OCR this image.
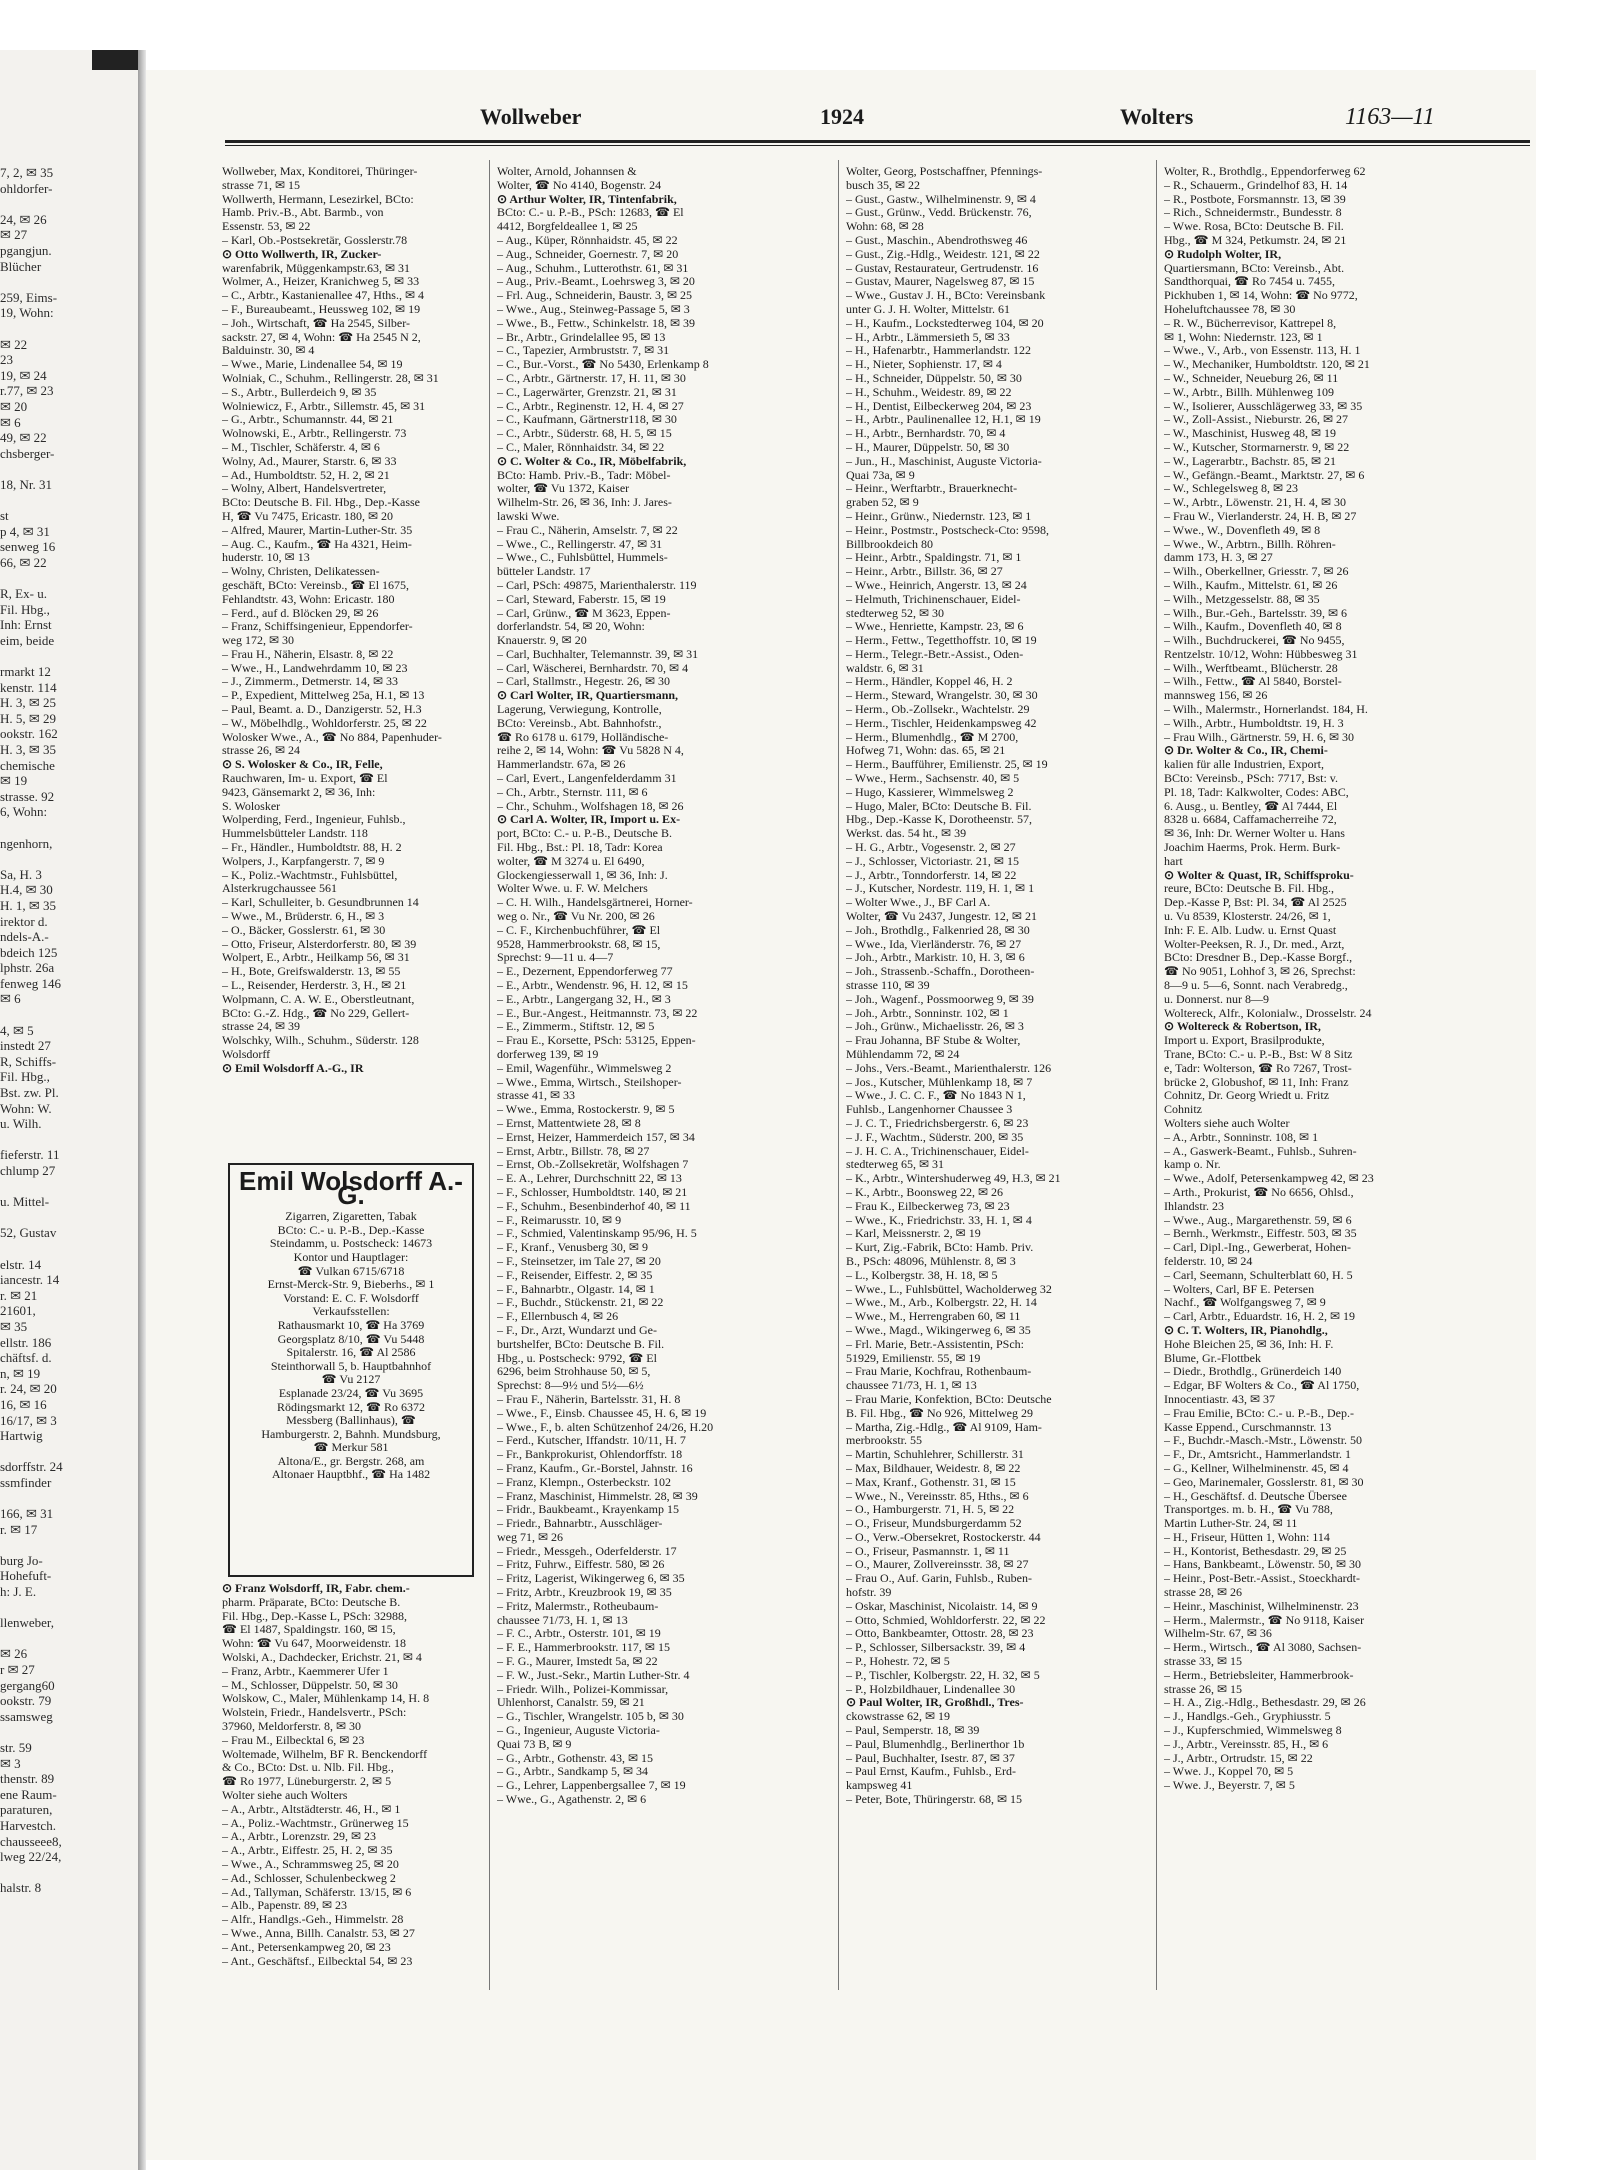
7, 2, ✉ 35
ohldorfer-

24, ✉ 26
✉ 27
pgangjun.
Blücher

259, Eims-
19, Wohn:

✉ 22
23
19, ✉ 24
r.77, ✉ 23
✉ 20
✉ 6
49, ✉ 22
chsberger-

18, Nr. 31

st
p 4, ✉ 31
senweg 16
66, ✉ 22

R, Ex- u.
Fil. Hbg.,
Inh: Ernst
eim, beide

rmarkt 12
kenstr. 114
H. 3, ✉ 25
H. 5, ✉ 29
ookstr. 162
H. 3, ✉ 35
chemische
✉ 19
strasse. 92
6, Wohn:

ngenhorn,

Sa, H. 3
H.4, ✉ 30
H. 1, ✉ 35
irektor d.
ndels-A.-
bdeich 125
lphstr. 26a
fenweg 146
✉ 6

4, ✉ 5
instedt 27
R, Schiffs-
Fil. Hbg.,
Bst. zw. Pl.
Wohn: W.
u. Wilh.

fieferstr. 11
chlump 27

u. Mittel-

52, Gustav

elstr. 14
iancestr. 14
r. ✉ 21
21601,
✉ 35
ellstr. 186
chäftsf. d.
n, ✉ 19
r. 24, ✉ 20
16, ✉ 16
16/17, ✉ 3
Hartwig

sdorffstr. 24
ssmfinder

166, ✉ 31
r. ✉ 17

burg Jo-
Hohefuft-
h: J. E.

llenweber,

✉ 26
r ✉ 27
gergang60
ookstr. 79
ssamsweg

str. 59
✉ 3
thenstr. 89
ene Raum-
paraturen,
Harvestch.
chausseee8,
lweg 22/24,

halstr. 8
Wollweber	1924	Wolters	1163—11
Wollweber, Max, Konditorei, Thüringer-
strasse 71, ✉ 15
Wollwerth, Hermann, Lesezirkel, BCto:
Hamb. Priv.-B., Abt. Barmb., von
Essenstr. 53, ✉ 22
– Karl, Ob.-Postsekretär, Gosslerstr.78
⊙ Otto Wollwerth, IR, Zucker-
warenfabrik, Müggenkampstr.63, ✉ 31
Wolmer, A., Heizer, Kranichweg 5, ✉ 33
– C., Arbtr., Kastanienallee 47, Hths., ✉ 4
– F., Bureaubeamt., Heussweg 102, ✉ 19
– Joh., Wirtschaft, ☎ Ha 2545, Silber-
sackstr. 27, ✉ 4, Wohn: ☎ Ha 2545 N 2,
Balduinstr. 30, ✉ 4
– Wwe., Marie, Lindenallee 54, ✉ 19
Wolniak, C., Schuhm., Rellingerstr. 28, ✉ 31
– S., Arbtr., Bullerdeich 9, ✉ 35
Wolniewicz, F., Arbtr., Sillemstr. 45, ✉ 31
– G., Arbtr., Schumannstr. 44, ✉ 21
Wolnowski, E., Arbtr., Rellingerstr. 73
– M., Tischler, Schäferstr. 4, ✉ 6
Wolny, Ad., Maurer, Starstr. 6, ✉ 33
– Ad., Humboldtstr. 52, H. 2, ✉ 21
– Wolny, Albert, Handelsvertreter,
BCto: Deutsche B. Fil. Hbg., Dep.-Kasse
H, ☎ Vu 7475, Ericastr. 180, ✉ 20
– Alfred, Maurer, Martin-Luther-Str. 35
– Aug. C., Kaufm., ☎ Ha 4321, Heim-
huderstr. 10, ✉ 13
– Wolny, Christen, Delikatessen-
geschäft, BCto: Vereinsb., ☎ El 1675,
Fehlandtstr. 43, Wohn: Ericastr. 180
– Ferd., auf d. Blöcken 29, ✉ 26
– Franz, Schiffsingenieur, Eppendorfer-
weg 172, ✉ 30
– Frau H., Näherin, Elsastr. 8, ✉ 22
– Wwe., H., Landwehrdamm 10, ✉ 23
– J., Zimmerm., Detmerstr. 14, ✉ 33
– P., Expedient, Mittelweg 25a, H.1, ✉ 13
– Paul, Beamt. a. D., Danzigerstr. 52, H.3
– W., Möbelhdlg., Wohldorferstr. 25, ✉ 22
Wolosker Wwe., A., ☎ No 884, Papenhuder-
strasse 26, ✉ 24
⊙ S. Wolosker & Co., IR, Felle,
Rauchwaren, Im- u. Export, ☎ El
9423, Gänsemarkt 2, ✉ 36, Inh:
S. Wolosker
Wolperding, Ferd., Ingenieur, Fuhlsb.,
Hummelsbütteler Landstr. 118
– Fr., Händler., Humboldtstr. 88, H. 2
Wolpers, J., Karpfangerstr. 7, ✉ 9
– K., Poliz.-Wachtmstr., Fuhlsbüttel,
Alsterkrugchaussee 561
– Karl, Schulleiter, b. Gesundbrunnen 14
– Wwe., M., Brüderstr. 6, H., ✉ 3
– O., Bäcker, Gosslerstr. 61, ✉ 30
– Otto, Friseur, Alsterdorferstr. 80, ✉ 39
Wolpert, E., Arbtr., Heilkamp 56, ✉ 31
– H., Bote, Greifswalderstr. 13, ✉ 55
– L., Reisender, Herderstr. 3, H., ✉ 21
Wolpmann, C. A. W. E., Oberstleutnant,
BCto: G.-Z. Hdg., ☎ No 229, Gellert-
strasse 24, ✉ 39
Wolschky, Wilh., Schuhm., Süderstr. 128
Wolsdorff
⊙ Emil Wolsdorff A.-G., IR
Wolter, Arnold, Johannsen &
Wolter, ☎ No 4140, Bogenstr. 24
⊙ Arthur Wolter, IR, Tintenfabrik,
BCto: C.- u. P.-B., PSch: 12683, ☎ El
4412, Borgfeldeallee 1, ✉ 25
– Aug., Küper, Rönnhaidstr. 45, ✉ 22
– Aug., Schneider, Goernestr. 7, ✉ 20
– Aug., Schuhm., Lutterothstr. 61, ✉ 31
– Aug., Priv.-Beamt., Loehrsweg 3, ✉ 20
– Frl. Aug., Schneiderin, Baustr. 3, ✉ 25
– Wwe., Aug., Steinweg-Passage 5, ✉ 3
– Wwe., B., Fettw., Schinkelstr. 18, ✉ 39
– Br., Arbtr., Grindelallee 95, ✉ 13
– C., Tapezier, Armbruststr. 7, ✉ 31
– C., Bur.-Vorst., ☎ No 5430, Erlenkamp 8
– C., Arbtr., Gärtnerstr. 17, H. 11, ✉ 30
– C., Lagerwärter, Grenzstr. 21, ✉ 31
– C., Arbtr., Reginenstr. 12, H. 4, ✉ 27
– C., Kaufmann, Gärtnerstr118, ✉ 30
– C., Arbtr., Süderstr. 68, H. 5, ✉ 15
– C., Maler, Rönnhaidstr. 34, ✉ 22
⊙ C. Wolter & Co., IR, Möbelfabrik,
BCto: Hamb. Priv.-B., Tadr: Möbel-
wolter, ☎ Vu 1372, Kaiser
Wilhelm-Str. 26, ✉ 36, Inh: J. Jares-
lawski Wwe.
– Frau C., Näherin, Amselstr. 7, ✉ 22
– Wwe., C., Rellingerstr. 47, ✉ 31
– Wwe., C., Fuhlsbüttel, Hummels-
bütteler Landstr. 17
– Carl, PSch: 49875, Marienthalerstr. 119
– Carl, Steward, Faberstr. 15, ✉ 19
– Carl, Grünw., ☎ M 3623, Eppen-
dorferlandstr. 54, ✉ 20, Wohn:
Knauerstr. 9, ✉ 20
– Carl, Buchhalter, Telemannstr. 39, ✉ 31
– Carl, Wäscherei, Bernhardstr. 70, ✉ 4
– Carl, Stallmstr., Hegestr. 26, ✉ 30
⊙ Carl Wolter, IR, Quartiersmann,
Lagerung, Verwiegung, Kontrolle,
BCto: Vereinsb., Abt. Bahnhofstr.,
☎ Ro 6178 u. 6179, Holländische-
reihe 2, ✉ 14, Wohn: ☎ Vu 5828 N 4,
Hammerlandstr. 67a, ✉ 26
– Carl, Evert., Langenfelderdamm 31
– Ch., Arbtr., Sternstr. 111, ✉ 6
– Chr., Schuhm., Wolfshagen 18, ✉ 26
⊙ Carl A. Wolter, IR, Import u. Ex-
port, BCto: C.- u. P.-B., Deutsche B.
Fil. Hbg., Bst.: Pl. 18, Tadr: Korea
wolter, ☎ M 3274 u. El 6490,
Glockengiesserwall 1, ✉ 36, Inh: J.
Wolter Wwe. u. F. W. Melchers
– C. H. Wilh., Handelsgärtnerei, Horner-
weg o. Nr., ☎ Vu Nr. 200, ✉ 26
– C. F., Kirchenbuchführer, ☎ El
9528, Hammerbrookstr. 68, ✉ 15,
Sprechst: 9—11 u. 4—7
– E., Dezernent, Eppendorferweg 77
– E., Arbtr., Wendenstr. 96, H. 12, ✉ 15
– E., Arbtr., Langergang 32, H., ✉ 3
– E., Bur.-Angest., Heitmannstr. 73, ✉ 22
– E., Zimmerm., Stiftstr. 12, ✉ 5
– Frau E., Korsette, PSch: 53125, Eppen-
dorferweg 139, ✉ 19
– Emil, Wagenführ., Wimmelsweg 2
– Wwe., Emma, Wirtsch., Steilshoper-
strasse 41, ✉ 33
– Wwe., Emma, Rostockerstr. 9, ✉ 5
– Ernst, Mattentwiete 28, ✉ 8
– Ernst, Heizer, Hammerdeich 157, ✉ 34
– Ernst, Arbtr., Billstr. 78, ✉ 27
– Ernst, Ob.-Zollsekretär, Wolfshagen 7
– E. A., Lehrer, Durchschnitt 22, ✉ 13
– F., Schlosser, Humboldtstr. 140, ✉ 21
– F., Schuhm., Besenbinderhof 40, ✉ 11
– F., Reimarusstr. 10, ✉ 9
– F., Schmied, Valentinskamp 95/96, H. 5
– F., Kranf., Venusberg 30, ✉ 9
– F., Steinsetzer, im Tale 27, ✉ 20
– F., Reisender, Eiffestr. 2, ✉ 35
– F., Bahnarbtr., Olgastr. 14, ✉ 1
– F., Buchdr., Stückenstr. 21, ✉ 22
– F., Ellernbusch 4, ✉ 26
– F., Dr., Arzt, Wundarzt und Ge-
burtshelfer, BCto: Deutsche B. Fil.
Hbg., u. Postscheck: 9792, ☎ El
6296, beim Strohhause 50, ✉ 5,
Sprechst: 8—9½ und 5½—6½
– Frau F., Näherin, Bartelsstr. 31, H. 8
– Wwe., F., Einsb. Chaussee 45, H. 6, ✉ 19
– Wwe., F., b. alten Schützenhof 24/26, H.20
– Ferd., Kutscher, Iffandstr. 10/11, H. 7
– Fr., Bankprokurist, Ohlendorffstr. 18
– Franz, Kaufm., Gr.-Borstel, Jahnstr. 16
– Franz, Klempn., Osterbeckstr. 102
– Franz, Maschinist, Himmelstr. 28, ✉ 39
– Fridr., Baukbeamt., Krayenkamp 15
– Friedr., Bahnarbtr., Ausschläger-
weg 71, ✉ 26
– Friedr., Messgeh., Oderfelderstr. 17
– Fritz, Fuhrw., Eiffestr. 580, ✉ 26
– Fritz, Lagerist, Wikingerweg 6, ✉ 35
– Fritz, Arbtr., Kreuzbrook 19, ✉ 35
– Fritz, Malermstr., Rotheubaum-
chaussee 71/73, H. 1, ✉ 13
– F. C., Arbtr., Osterstr. 101, ✉ 19
– F. E., Hammerbrookstr. 117, ✉ 15
– F. G., Maurer, Imstedt 5a, ✉ 22
– F. W., Just.-Sekr., Martin Luther-Str. 4
– Friedr. Wilh., Polizei-Kommissar,
Uhlenhorst, Canalstr. 59, ✉ 21
– G., Tischler, Wrangelstr. 105 b, ✉ 30
– G., Ingenieur, Auguste Victoria-
Quai 73 B, ✉ 9
– G., Arbtr., Gothenstr. 43, ✉ 15
– G., Arbtr., Sandkamp 5, ✉ 34
– G., Lehrer, Lappenbergsallee 7, ✉ 19
– Wwe., G., Agathenstr. 2, ✉ 6
Wolter, Georg, Postschaffner, Pfennings-
busch 35, ✉ 22
– Gust., Gastw., Wilhelminenstr. 9, ✉ 4
– Gust., Grünw., Vedd. Brückenstr. 76,
Wohn: 68, ✉ 28
– Gust., Maschin., Abendrothsweg 46
– Gust., Zig.-Hdlg., Weidestr. 121, ✉ 22
– Gustav, Restaurateur, Gertrudenstr. 16
– Gustav, Maurer, Nagelsweg 87, ✉ 15
– Wwe., Gustav J. H., BCto: Vereinsbank
unter G. J. H. Wolter, Mittelstr. 61
– H., Kaufm., Lockstedterweg 104, ✉ 20
– H., Arbtr., Lämmersieth 5, ✉ 33
– H., Hafenarbtr., Hammerlandstr. 122
– H., Nieter, Sophienstr. 17, ✉ 4
– H., Schneider, Düppelstr. 50, ✉ 30
– H., Schuhm., Weidestr. 89, ✉ 22
– H., Dentist, Eilbeckerweg 204, ✉ 23
– H., Arbtr., Paulinenallee 12, H.1, ✉ 19
– H., Arbtr., Bernhardstr. 70, ✉ 4
– H., Maurer, Düppelstr. 50, ✉ 30
– Jun., H., Maschinist, Auguste Victoria-
Quai 73a, ✉ 9
– Heinr., Werftarbtr., Brauerknecht-
graben 52, ✉ 9
– Heinr., Grünw., Niedernstr. 123, ✉ 1
– Heinr., Postmstr., Postscheck-Cto: 9598,
Billbrookdeich 80
– Heinr., Arbtr., Spaldingstr. 71, ✉ 1
– Heinr., Arbtr., Billstr. 36, ✉ 27
– Wwe., Heinrich, Angerstr. 13, ✉ 24
– Helmuth, Trichinenschauer, Eidel-
stedterweg 52, ✉ 30
– Wwe., Henriette, Kampstr. 23, ✉ 6
– Herm., Fettw., Tegetthoffstr. 10, ✉ 19
– Herm., Telegr.-Betr.-Assist., Oden-
waldstr. 6, ✉ 31
– Herm., Händler, Koppel 46, H. 2
– Herm., Steward, Wrangelstr. 30, ✉ 30
– Herm., Ob.-Zollsekr., Wachtelstr. 29
– Herm., Tischler, Heidenkampsweg 42
– Herm., Blumenhdlg., ☎ M 2700,
Hofweg 71, Wohn: das. 65, ✉ 21
– Herm., Baufführer, Emilienstr. 25, ✉ 19
– Wwe., Herm., Sachsenstr. 40, ✉ 5
– Hugo, Kassierer, Wimmelsweg 2
– Hugo, Maler, BCto: Deutsche B. Fil.
Hbg., Dep.-Kasse K, Dorotheenstr. 57,
Werkst. das. 54 ht., ✉ 39
– H. G., Arbtr., Vogesenstr. 2, ✉ 27
– J., Schlosser, Victoriastr. 21, ✉ 15
– J., Arbtr., Tonndorferstr. 14, ✉ 22
– J., Kutscher, Nordestr. 119, H. 1, ✉ 1
– Wolter Wwe., J., BF Carl A.
Wolter, ☎ Vu 2437, Jungestr. 12, ✉ 21
– Joh., Brothdlg., Falkenried 28, ✉ 30
– Wwe., Ida, Vierländerstr. 76, ✉ 27
– Joh., Arbtr., Markistr. 10, H. 3, ✉ 6
– Joh., Strassenb.-Schaffn., Dorotheen-
strasse 110, ✉ 39
– Joh., Wagenf., Possmoorweg 9, ✉ 39
– Joh., Arbtr., Sonninstr. 102, ✉ 1
– Joh., Grünw., Michaelisstr. 26, ✉ 3
– Frau Johanna, BF Stube & Wolter,
Mühlendamm 72, ✉ 24
– Johs., Vers.-Beamt., Marienthalerstr. 126
– Jos., Kutscher, Mühlenkamp 18, ✉ 7
– Wwe., J. C. C. F., ☎ No 1843 N 1,
Fuhlsb., Langenhorner Chaussee 3
– J. C. T., Friedrichsbergerstr. 6, ✉ 23
– J. F., Wachtm., Süderstr. 200, ✉ 35
– J. H. C. A., Trichinenschauer, Eidel-
stedterweg 65, ✉ 31
– K., Arbtr., Wintershuderweg 49, H.3, ✉ 21
– K., Arbtr., Boonsweg 22, ✉ 26
– Frau K., Eilbeckerweg 73, ✉ 23
– Wwe., K., Friedrichstr. 33, H. 1, ✉ 4
– Karl, Meissnerstr. 2, ✉ 19
– Kurt, Zig.-Fabrik, BCto: Hamb. Priv.
B., PSch: 48096, Mühlenstr. 8, ✉ 3
– L., Kolbergstr. 38, H. 18, ✉ 5
– Wwe., L., Fuhlsbüttel, Wacholderweg 32
– Wwe., M., Arb., Kolbergstr. 22, H. 14
– Wwe., M., Herrengraben 60, ✉ 11
– Wwe., Magd., Wikingerweg 6, ✉ 35
– Frl. Marie, Betr.-Assistentin, PSch:
51929, Emilienstr. 55, ✉ 19
– Frau Marie, Kochfrau, Rothenbaum-
chaussee 71/73, H. 1, ✉ 13
– Frau Marie, Konfektion, BCto: Deutsche
B. Fil. Hbg., ☎ No 926, Mittelweg 29
– Martha, Zig.-Hdlg., ☎ Al 9109, Ham-
merbrookstr. 55
– Martin, Schuhlehrer, Schillerstr. 31
– Max, Bildhauer, Weidestr. 8, ✉ 22
– Max, Kranf., Gothenstr. 31, ✉ 15
– Wwe., N., Vereinsstr. 85, Hths., ✉ 6
– O., Hamburgerstr. 71, H. 5, ✉ 22
– O., Friseur, Mundsburgerdamm 52
– O., Verw.-Obersekret, Rostockerstr. 44
– O., Friseur, Pasmannstr. 1, ✉ 11
– O., Maurer, Zollvereinsstr. 38, ✉ 27
– Frau O., Auf. Garin, Fuhlsb., Ruben-
hofstr. 39
– Oskar, Maschinist, Nicolaistr. 14, ✉ 9
– Otto, Schmied, Wohldorferstr. 22, ✉ 22
– Otto, Bankbeamter, Ottostr. 28, ✉ 23
– P., Schlosser, Silbersackstr. 39, ✉ 4
– P., Hohestr. 72, ✉ 5
– P., Tischler, Kolbergstr. 22, H. 32, ✉ 5
– P., Holzbildhauer, Lindenallee 30
⊙ Paul Wolter, IR, Großhdl., Tres-
ckowstrasse 62, ✉ 19
– Paul, Semperstr. 18, ✉ 39
– Paul, Blumenhdlg., Berlinerthor 1b
– Paul, Buchhalter, Isestr. 87, ✉ 37
– Paul Ernst, Kaufm., Fuhlsb., Erd-
kampsweg 41
– Peter, Bote, Thüringerstr. 68, ✉ 15
Wolter, R., Brothdlg., Eppendorferweg 62
– R., Schauerm., Grindelhof 83, H. 14
– R., Postbote, Forsmannstr. 13, ✉ 39
– Rich., Schneidermstr., Bundesstr. 8
– Wwe. Rosa, BCto: Deutsche B. Fil.
Hbg., ☎ M 324, Petkumstr. 24, ✉ 21
⊙ Rudolph Wolter, IR,
Quartiersmann, BCto: Vereinsb., Abt.
Sandthorquai, ☎ Ro 7454 u. 7455,
Pickhuben 1, ✉ 14, Wohn: ☎ No 9772,
Hoheluftchaussee 78, ✉ 30
– R. W., Bücherrevisor, Kattrepel 8,
✉ 1, Wohn: Niedernstr. 123, ✉ 1
– Wwe., V., Arb., von Essenstr. 113, H. 1
– W., Mechaniker, Humboldtstr. 120, ✉ 21
– W., Schneider, Neueburg 26, ✉ 11
– W., Arbtr., Billh. Mühlenweg 109
– W., Isolierer, Ausschlägerweg 33, ✉ 35
– W., Zoll-Assist., Nieburstr. 26, ✉ 27
– W., Maschinist, Husweg 48, ✉ 19
– W., Kutscher, Stormarnerstr. 9, ✉ 22
– W., Lagerarbtr., Bachstr. 85, ✉ 21
– W., Gefängn.-Beamt., Marktstr. 27, ✉ 6
– W., Schlegelsweg 8, ✉ 23
– W., Arbtr., Löwenstr. 21, H. 4, ✉ 30
– Frau W., Vierlanderstr. 24, H. B, ✉ 27
– Wwe., W., Dovenfleth 49, ✉ 8
– Wwe., W., Arbtrn., Billh. Röhren-
damm 173, H. 3, ✉ 27
– Wilh., Oberkellner, Griesstr. 7, ✉ 26
– Wilh., Kaufm., Mittelstr. 61, ✉ 26
– Wilh., Metzgesselstr. 88, ✉ 35
– Wilh., Bur.-Geh., Bartelsstr. 39, ✉ 6
– Wilh., Kaufm., Dovenfleth 40, ✉ 8
– Wilh., Buchdruckerei, ☎ No 9455,
Rentzelstr. 10/12, Wohn: Hübbesweg 31
– Wilh., Werftbeamt., Blücherstr. 28
– Wilh., Fettw., ☎ Al 5840, Borstel-
mannsweg 156, ✉ 26
– Wilh., Malermstr., Hornerlandst. 184, H.
– Wilh., Arbtr., Humboldtstr. 19, H. 3
– Frau Wilh., Gärtnerstr. 59, H. 6, ✉ 30
⊙ Dr. Wolter & Co., IR, Chemi-
kalien für alle Industrien, Export,
BCto: Vereinsb., PSch: 7717, Bst: v.
Pl. 18, Tadr: Kalkwolter, Codes: ABC,
6. Ausg., u. Bentley, ☎ Al 7444, El
8328 u. 6684, Caffamacherreihe 72,
✉ 36, Inh: Dr. Werner Wolter u. Hans
Joachim Haerms, Prok. Herm. Burk-
hart
⊙ Wolter & Quast, IR, Schiffsproku-
reure, BCto: Deutsche B. Fil. Hbg.,
Dep.-Kasse P, Bst: Pl. 34, ☎ Al 2525
u. Vu 8539, Klosterstr. 24/26, ✉ 1,
Inh: F. E. Alb. Ludw. u. Ernst Quast
Wolter-Peeksen, R. J., Dr. med., Arzt,
BCto: Dresdner B., Dep.-Kasse Borgf.,
☎ No 9051, Lohhof 3, ✉ 26, Sprechst:
8—9 u. 5—6, Sonnt. nach Verabredg.,
u. Donnerst. nur 8—9
Woltereck, Alfr., Kolonialw., Drosselstr. 24
⊙ Woltereck & Robertson, IR,
Import u. Export, Brasilprodukte,
Trane, BCto: C.- u. P.-B., Bst: W 8 Sitz
e, Tadr: Wolterson, ☎ Ro 7267, Trost-
brücke 2, Globushof, ✉ 11, Inh: Franz
Cohnitz, Dr. Georg Wriedt u. Fritz
Cohnitz
Wolters siehe auch Wolter
– A., Arbtr., Sonninstr. 108, ✉ 1
– A., Gaswerk-Beamt., Fuhlsb., Suhren-
kamp o. Nr.
– Wwe., Adolf, Petersenkampweg 42, ✉ 23
– Arth., Prokurist, ☎ No 6656, Ohlsd.,
Ihlandstr. 23
– Wwe., Aug., Margarethenstr. 59, ✉ 6
– Bernh., Werkmstr., Eiffestr. 503, ✉ 35
– Carl, Dipl.-Ing., Gewerberat, Hohen-
felderstr. 10, ✉ 24
– Carl, Seemann, Schulterblatt 60, H. 5
– Wolters, Carl, BF E. Petersen
Nachf., ☎ Wolfgangsweg 7, ✉ 9
– Carl, Arbtr., Eduardstr. 16, H. 2, ✉ 19
⊙ C. T. Wolters, IR, Pianohdlg.,
Hohe Bleichen 25, ✉ 36, Inh: H. F.
Blume, Gr.-Flottbek
– Diedr., Brothdlg., Grünerdeich 140
– Edgar, BF Wolters & Co., ☎ Al 1750,
Innocentiastr. 43, ✉ 37
– Frau Emilie, BCto: C.- u. P.-B., Dep.-
Kasse Eppend., Curschmannstr. 13
– F., Buchdr.-Masch.-Mstr., Löwenstr. 50
– F., Dr., Amtsricht., Hammerlandstr. 1
– G., Kellner, Wilhelminenstr. 45, ✉ 4
– Geo, Marinemaler, Gosslerstr. 81, ✉ 30
– H., Geschäftsf. d. Deutsche Übersee
Transportges. m. b. H., ☎ Vu 788,
Martin Luther-Str. 24, ✉ 11
– H., Friseur, Hütten 1, Wohn: 114
– H., Kontorist, Bethesdastr. 29, ✉ 25
– Hans, Bankbeamt., Löwenstr. 50, ✉ 30
– Heinr., Post-Betr.-Assist., Stoeckhardt-
strasse 28, ✉ 26
– Heinr., Maschinist, Wilhelminenstr. 23
– Herm., Malermstr., ☎ No 9118, Kaiser
Wilhelm-Str. 67, ✉ 36
– Herm., Wirtsch., ☎ Al 3080, Sachsen-
strasse 33, ✉ 15
– Herm., Betriebsleiter, Hammerbrook-
strasse 26, ✉ 15
– H. A., Zig.-Hdlg., Bethesdastr. 29, ✉ 26
– J., Handlgs.-Geh., Gryphiusstr. 5
– J., Kupferschmied, Wimmelsweg 8
– J., Arbtr., Vereinsstr. 85, H., ✉ 6
– J., Arbtr., Ortrudstr. 15, ✉ 22
– Wwe. J., Koppel 70, ✉ 5
– Wwe. J., Beyerstr. 7, ✉ 5
Emil Wolsdorff A.-G.
Zigarren, Zigaretten, Tabak
BCto: C.- u. P.-B., Dep.-Kasse
Steindamm, u. Postscheck: 14673
Kontor und Hauptlager:
☎ Vulkan 6715/6718
Ernst-Merck-Str. 9, Bieberhs., ✉ 1
Vorstand: E. C. F. Wolsdorff
Verkaufsstellen:
Rathausmarkt 10, ☎ Ha 3769
Georgsplatz 8/10, ☎ Vu 5448
Spitalerstr. 16, ☎ Al 2586
Steinthorwall 5, b. Hauptbahnhof
☎ Vu 2127
Esplanade 23/24, ☎ Vu 3695
Rödingsmarkt 12, ☎ Ro 6372
Messberg (Ballinhaus), ☎
Hamburgerstr. 2, Bahnh. Mundsburg,
☎ Merkur 581
Altona/E., gr. Bergstr. 268, am
Altonaer Hauptbhf., ☎ Ha 1482
⊙ Franz Wolsdorff, IR, Fabr. chem.-
pharm. Präparate, BCto: Deutsche B.
Fil. Hbg., Dep.-Kasse L, PSch: 32988,
☎ El 1487, Spaldingstr. 160, ✉ 15,
Wohn: ☎ Vu 647, Moorweidenstr. 18
Wolski, A., Dachdecker, Erichstr. 21, ✉ 4
– Franz, Arbtr., Kaemmerer Ufer 1
– M., Schlosser, Düppelstr. 50, ✉ 30
Wolskow, C., Maler, Mühlenkamp 14, H. 8
Wolstein, Friedr., Handelsvertr., PSch:
37960, Meldorferstr. 8, ✉ 30
– Frau M., Eilbecktal 6, ✉ 23
Woltemade, Wilhelm, BF R. Benckendorff
& Co., BCto: Dst. u. Nlb. Fil. Hbg.,
☎ Ro 1977, Lüneburgerstr. 2, ✉ 5
Wolter siehe auch Wolters
– A., Arbtr., Altstädterstr. 46, H., ✉ 1
– A., Poliz.-Wachtmstr., Grünerweg 15
– A., Arbtr., Lorenzstr. 29, ✉ 23
– A., Arbtr., Eiffestr. 25, H. 2, ✉ 35
– Wwe., A., Schrammsweg 25, ✉ 20
– Ad., Schlosser, Schulenbeckweg 2
– Ad., Tallyman, Schäferstr. 13/15, ✉ 6
– Alb., Papenstr. 89, ✉ 23
– Alfr., Handlgs.-Geh., Himmelstr. 28
– Wwe., Anna, Billh. Canalstr. 53, ✉ 27
– Ant., Petersenkampweg 20, ✉ 23
– Ant., Geschäftsf., Eilbecktal 54, ✉ 23
